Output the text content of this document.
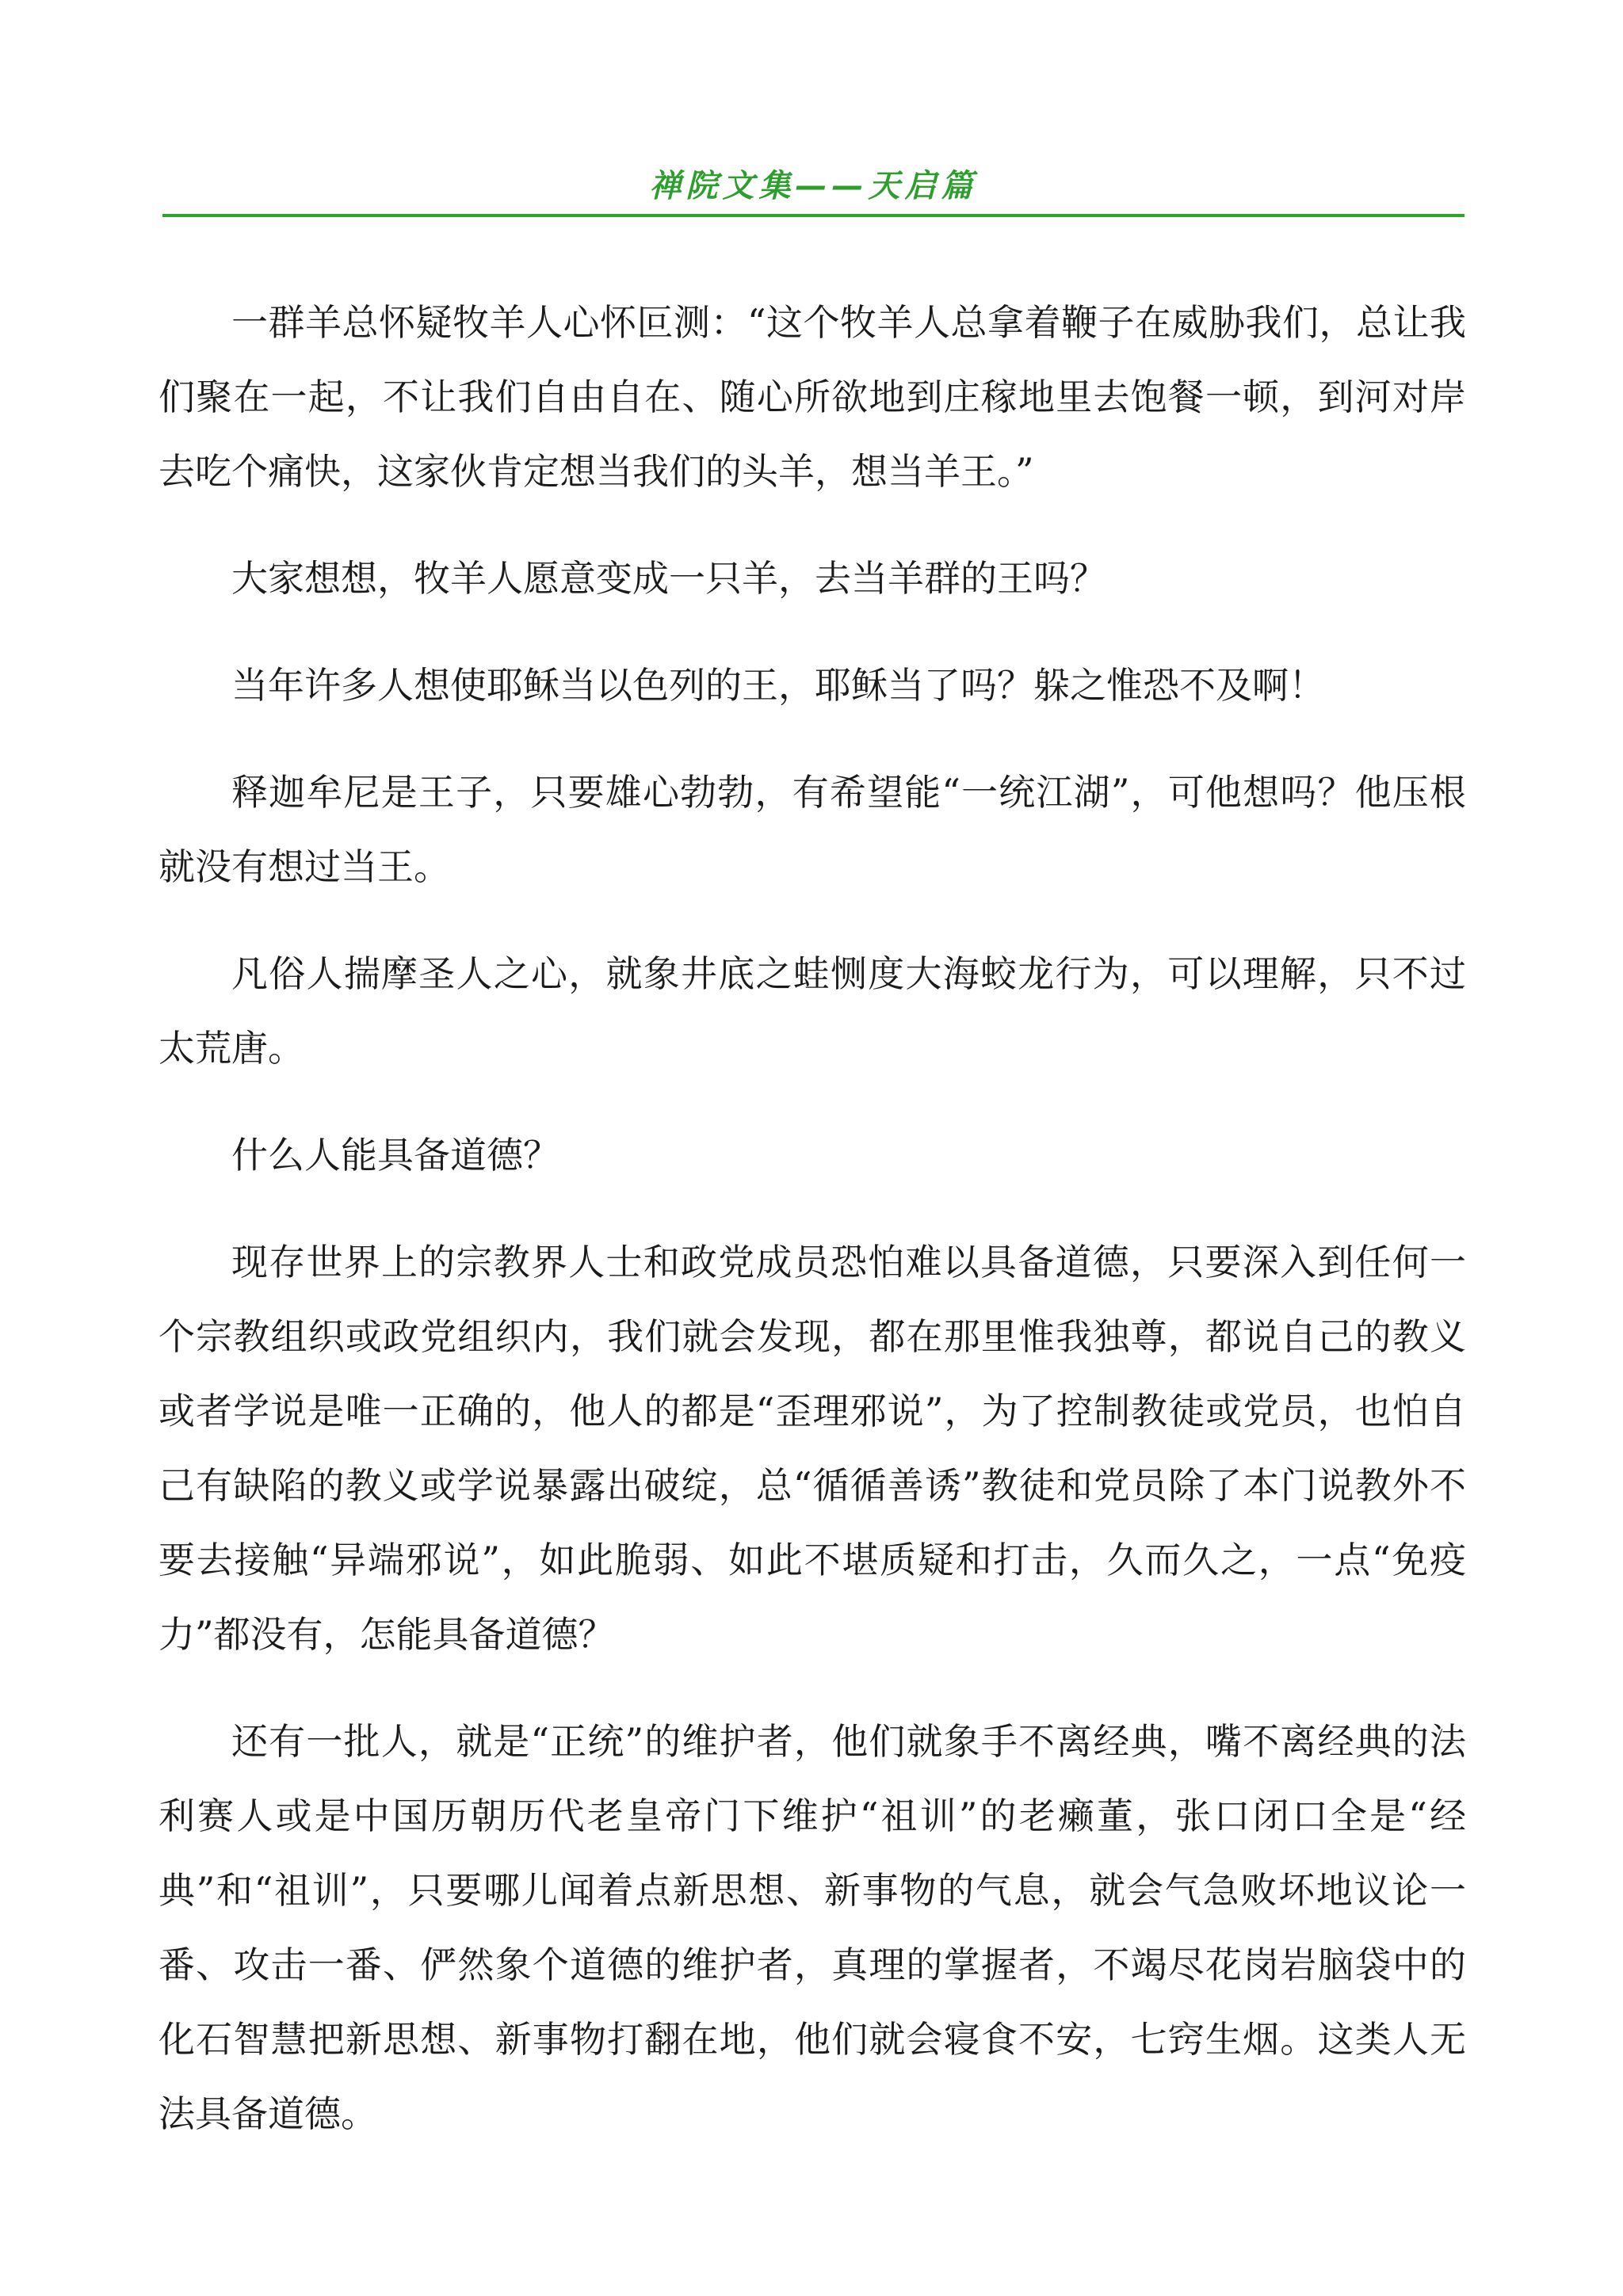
禅院文集——天启篇

一群羊总怀疑牧羊人心怀叵测：“这个牧羊人总拿着鞭子在威胁我们，总让我们聚在一起，不让我们自由自在、随心所欲地到庄稼地里去饱餐一顿，到河对岸去吃个痛快，这家伙肯定想当我们的头羊，想当羊王。”

大家想想，牧羊人愿意变成一只羊，去当羊群的王吗？

当年许多人想使耶稣当以色列的王，耶稣当了吗？躲之惟恐不及啊！

释迦牟尼是王子，只要雄心勃勃，有希望能“一统江湖”，可他想吗？他压根就没有想过当王。

凡俗人揣摩圣人之心，就象井底之蛙恻度大海蛟龙行为，可以理解，只不过太荒唐。

什么人能具备道德？

现存世界上的宗教界人士和政党成员恐怕难以具备道德，只要深入到任何一个宗教组织或政党组织内，我们就会发现，都在那里惟我独尊，都说自己的教义或者学说是唯一正确的，他人的都是“歪理邪说”，为了控制教徒或党员，也怕自己有缺陷的教义或学说暴露出破绽，总“循循善诱”教徒和党员除了本门说教外不要去接触“异端邪说”，如此脆弱、如此不堪质疑和打击，久而久之，一点“免疫力”都没有，怎能具备道德？

还有一批人，就是“正统”的维护者，他们就象手不离经典，嘴不离经典的法利赛人或是中国历朝历代老皇帝门下维护“祖训”的老癞董，张口闭口全是“经典”和“祖训”，只要哪儿闻着点新思想、新事物的气息，就会气急败坏地议论一番、攻击一番、俨然象个道德的维护者，真理的掌握者，不竭尽花岗岩脑袋中的化石智慧把新思想、新事物打翻在地，他们就会寝食不安，七窍生烟。这类人无法具备道德。
